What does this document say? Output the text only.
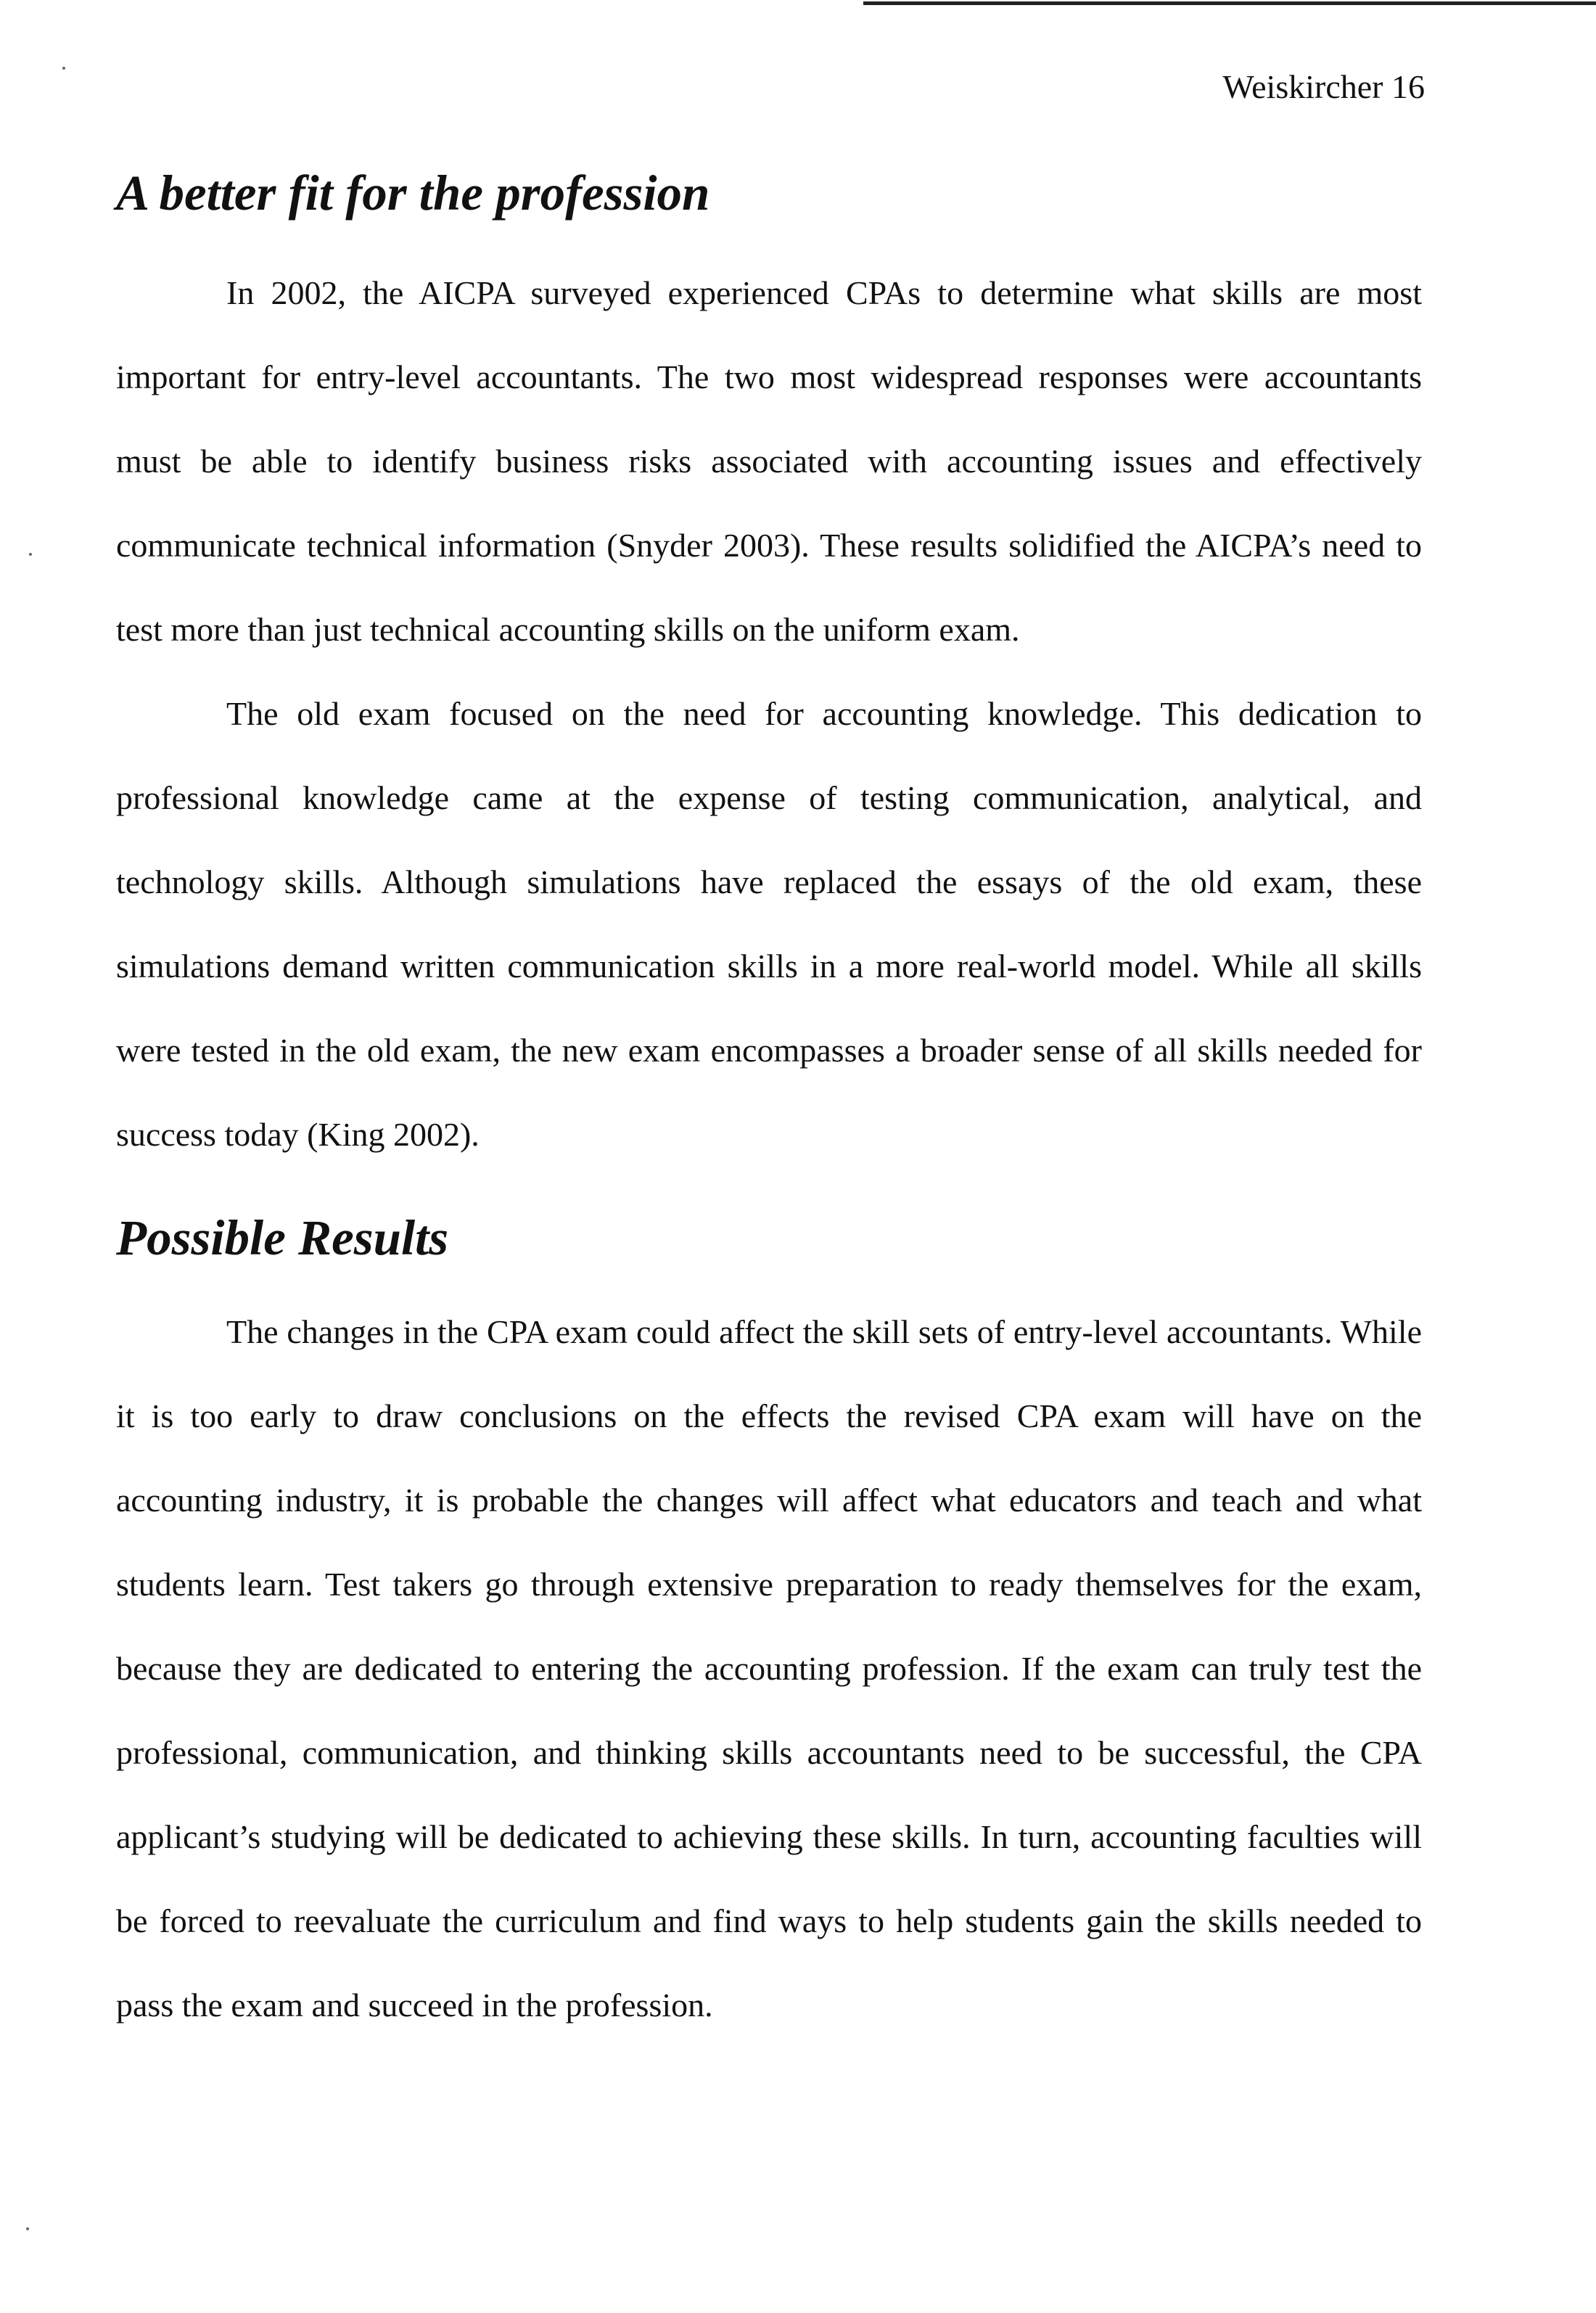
Weiskircher 16
A better fit for the profession

In 2002, the AICPA surveyed experienced CPAs to determine what skills are most important for entry-level accountants. The two most widespread responses were accountants must be able to identify business risks associated with accounting issues and effectively communicate technical information (Snyder 2003). These results solidified the AICPA’s need to test more than just technical accounting skills on the uniform exam.

The old exam focused on the need for accounting knowledge. This dedication to professional knowledge came at the expense of testing communication, analytical, and technology skills. Although simulations have replaced the essays of the old exam, these simulations demand written communication skills in a more real-world model. While all skills were tested in the old exam, the new exam encompasses a broader sense of all skills needed for success today (King 2002).

Possible Results

The changes in the CPA exam could affect the skill sets of entry-level accountants. While it is too early to draw conclusions on the effects the revised CPA exam will have on the accounting industry, it is probable the changes will affect what educators and teach and what students learn. Test takers go through extensive preparation to ready themselves for the exam, because they are dedicated to entering the accounting profession. If the exam can truly test the professional, communication, and thinking skills accountants need to be successful, the CPA applicant’s studying will be dedicated to achieving these skills. In turn, accounting faculties will be forced to reevaluate the curriculum and find ways to help students gain the skills needed to pass the exam and succeed in the profession.
